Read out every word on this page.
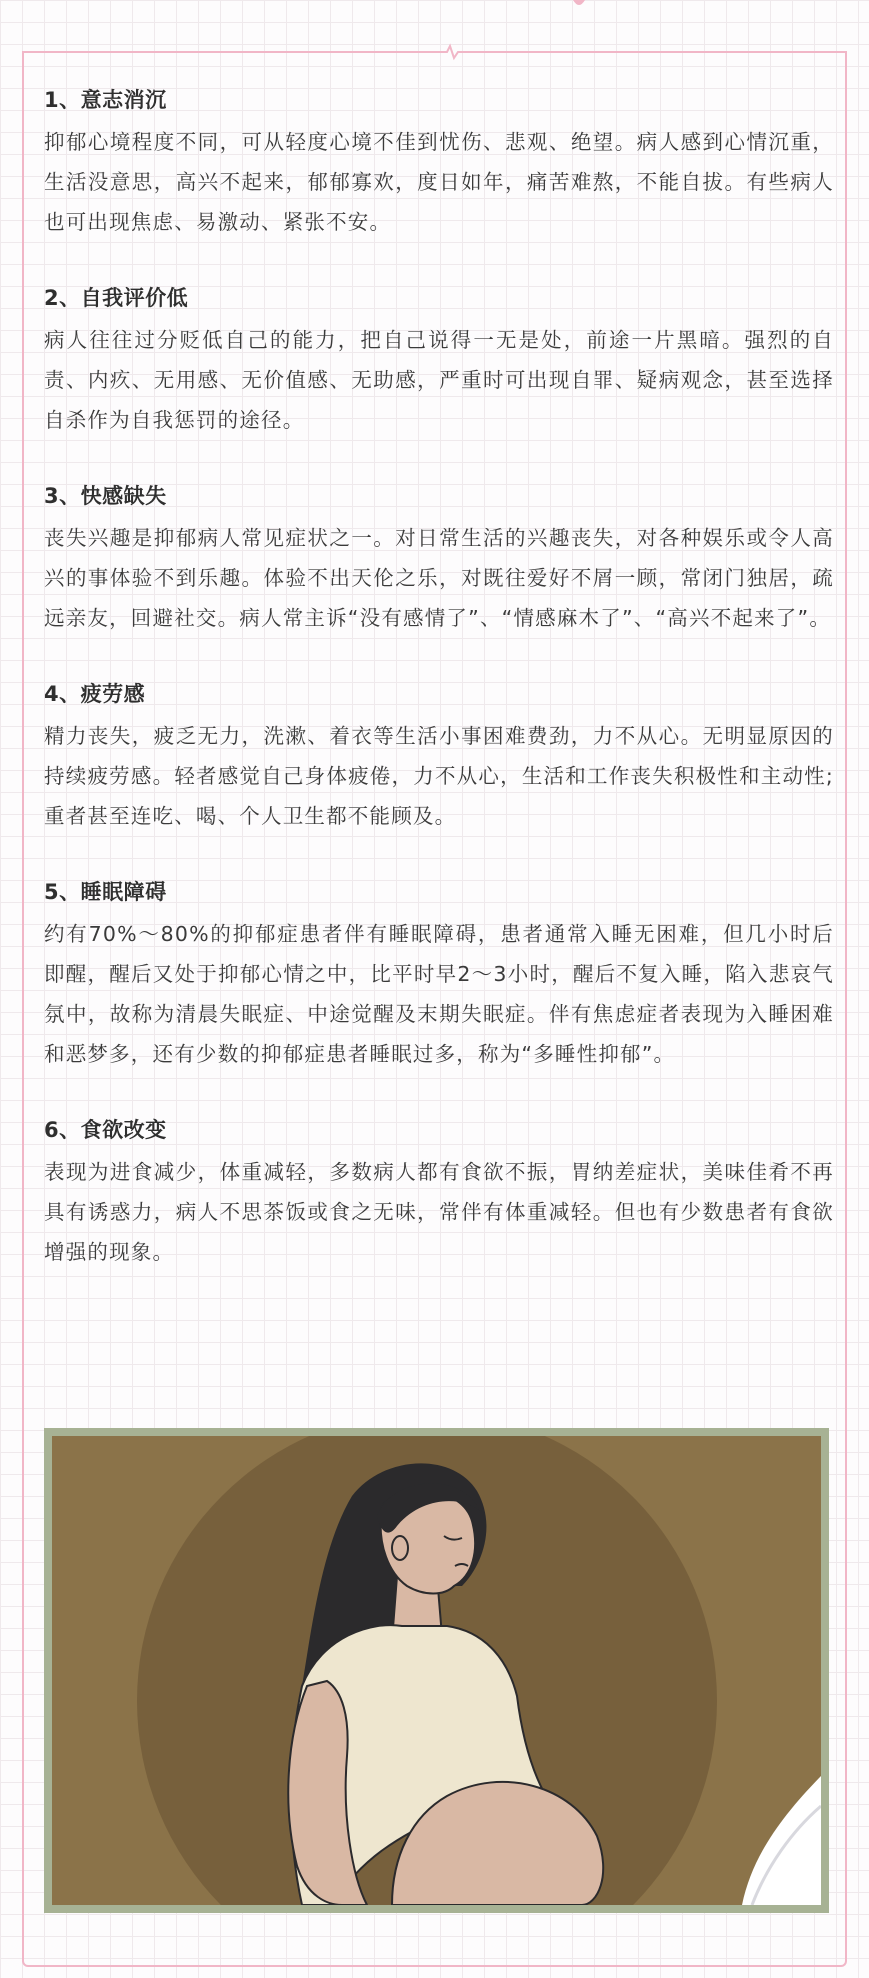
1、意志消沉
抑郁心境程度不同，可从轻度心境不佳到忧伤、悲观、绝望。病人感到心情沉重，生活没意思，高兴不起来，郁郁寡欢，度日如年，痛苦难熬，不能自拔。有些病人也可出现焦虑、易激动、紧张不安。
2、自我评价低
病人往往过分贬低自己的能力，把自己说得一无是处，前途一片黑暗。强烈的自责、内疚、无用感、无价值感、无助感，严重时可出现自罪、疑病观念，甚至选择自杀作为自我惩罚的途径。
3、快感缺失
丧失兴趣是抑郁病人常见症状之一。对日常生活的兴趣丧失，对各种娱乐或令人高兴的事体验不到乐趣。体验不出天伦之乐，对既往爱好不屑一顾，常闭门独居，疏远亲友，回避社交。病人常主诉“没有感情了”、“情感麻木了”、“高兴不起来了”。
4、疲劳感
精力丧失，疲乏无力，洗漱、着衣等生活小事困难费劲，力不从心。无明显原因的持续疲劳感。轻者感觉自己身体疲倦，力不从心，生活和工作丧失积极性和主动性;重者甚至连吃、喝、个人卫生都不能顾及。
5、睡眠障碍
约有70%～80%的抑郁症患者伴有睡眠障碍，患者通常入睡无困难，但几小时后即醒，醒后又处于抑郁心情之中，比平时早2～3小时，醒后不复入睡，陷入悲哀气氛中，故称为清晨失眠症、中途觉醒及末期失眠症。伴有焦虑症者表现为入睡困难和恶梦多，还有少数的抑郁症患者睡眠过多，称为“多睡性抑郁”。
6、食欲改变
表现为进食减少，体重减轻，多数病人都有食欲不振，胃纳差症状，美味佳肴不再具有诱惑力，病人不思茶饭或食之无味，常伴有体重减轻。但也有少数患者有食欲增强的现象。
